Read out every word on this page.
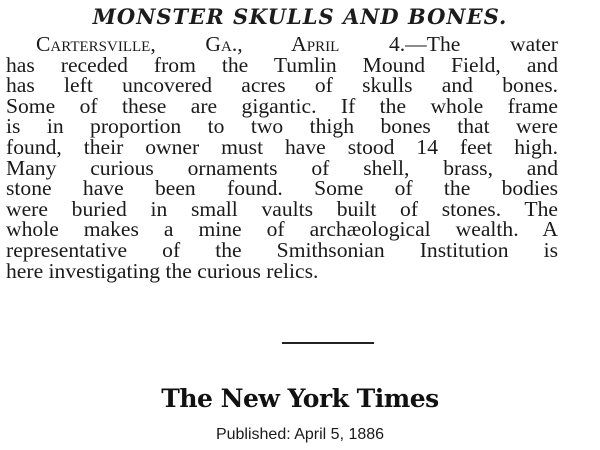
MONSTER SKULLS AND BONES.
Cartersville, Ga., April 4.—The water
has receded from the Tumlin Mound Field, and
has left uncovered acres of skulls and bones.
Some of these are gigantic. If the whole frame
is in proportion to two thigh bones that were
found, their owner must have stood 14 feet high.
Many curious ornaments of shell, brass, and
stone have been found. Some of the bodies
were buried in small vaults built of stones. The
whole makes a mine of archæological wealth. A
representative of the Smithsonian Institution is
here investigating the curious relics.
The New York Times
Published: April 5, 1886
